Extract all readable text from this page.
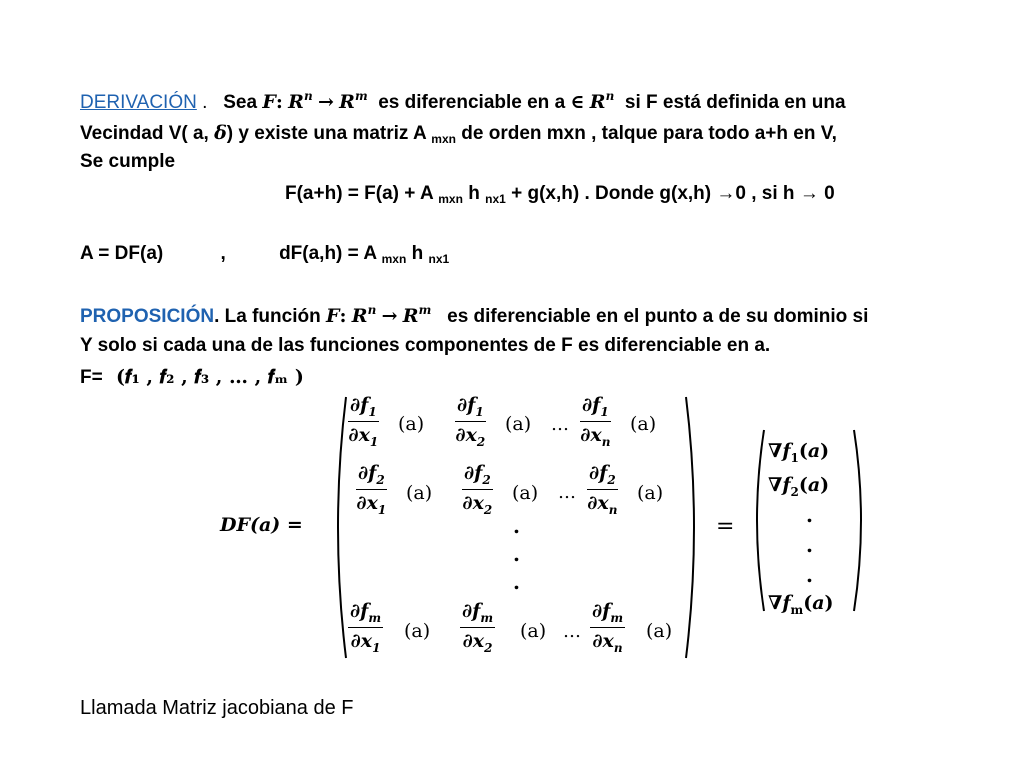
DERIVACIÓN . Sea F: $R^n \to R^m$ es diferenciable en a ∈ $R^n$ si F está definida en una
Vecindad V( a, δ) y existe una matriz A $_{mxn}$ de orden mxn , talque para todo a+h en V,
Se cumple
F(a+h) = F(a) + A $_{mxn}$ h $_{nx1}$ + g(x,h) . Donde g(x,h) →0 , si h → 0
A = DF(a)	,	dF(a,h) = A $_{mxn}$ h $_{nx1}$
PROPOSICIÓN. La función F: $R^n \to R^m$ es diferenciable en el punto a de su dominio si
Y solo si cada una de las funciones componentes de F es diferenciable en a.
F= (𝒇₁ , 𝒇₂ , 𝒇₃ , … , 𝒇ₘ )
DF(a) =
$\frac{\partial f_1}{\partial x_1} (a) \frac{\partial f_1}{\partial x_2} (a)$ … $\frac{\partial f_1}{\partial x_n} (a)$
$\frac{\partial f_2}{\partial x_1} (a) \frac{\partial f_2}{\partial x_2} (a)$ … $\frac{\partial f_2}{\partial x_n} (a)$
.
.
.
$\frac{\partial f_m}{\partial x_1} (a) \frac{\partial f_m}{\partial x_2} (a)$ … $\frac{\partial f_m}{\partial x_n} (a)$
=
$\nabla f_1(a)$
$\nabla f_2(a)$
.
.
.
$\nabla f_m(a)$
Llamada Matriz jacobiana de F
